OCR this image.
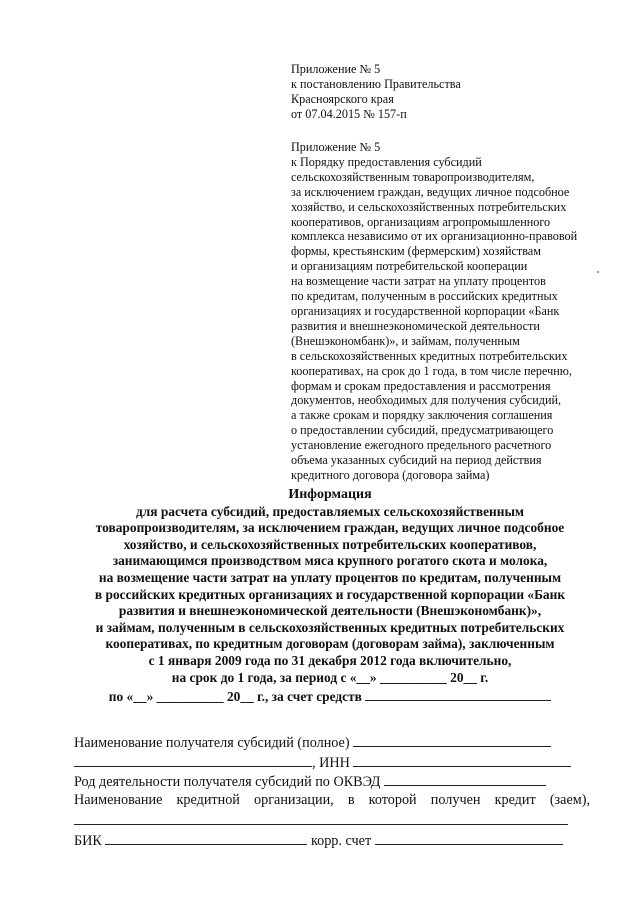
Приложение № 5
к постановлению Правительства
Красноярского края
от 07.04.2015 № 157-п
Приложение № 5
к Порядку предоставления субсидий
сельскохозяйственным товаропроизводителям,
за исключением граждан, ведущих личное подсобное
хозяйство, и сельскохозяйственных потребительских
кооперативов, организациям агропромышленного
комплекса независимо от их организационно-правовой
формы, крестьянским (фермерским) хозяйствам
и организациям потребительской кооперации
на возмещение части затрат на уплату процентов
по кредитам, полученным в российских кредитных
организациях и государственной корпорации «Банк
развития и внешнеэкономической деятельности
(Внешэкономбанк)», и займам, полученным
в сельскохозяйственных кредитных потребительских
кооперативах, на срок до 1 года, в том числе перечню,
формам и срокам предоставления и рассмотрения
документов, необходимых для получения субсидий,
а также срокам и порядку заключения соглашения
о предоставлении субсидий, предусматривающего
установление ежегодного предельного расчетного
объема указанных субсидий на период действия
кредитного договора (договора займа)
Информация
для расчета субсидий, предоставляемых сельскохозяйственным
товаропроизводителям, за исключением граждан, ведущих личное подсобное
хозяйство, и сельскохозяйственных потребительских кооперативов,
занимающимся производством мяса крупного рогатого скота и молока,
на возмещение части затрат на уплату процентов по кредитам, полученным
в российских кредитных организациях и государственной корпорации «Банк
развития и внешнеэкономической деятельности (Внешэкономбанк)»,
и займам, полученным в сельскохозяйственных кредитных потребительских
кооперативах, по кредитным договорам (договорам займа), заключенным
с 1 января 2009 года по 31 декабря 2012 года включительно,
на срок до 1 года, за период с «__» __________ 20__ г.
по «__» __________ 20__ г., за счет средств
Наименование получателя субсидий (полное)
, ИНН
Род деятельности получателя субсидий по ОКВЭД
Наименование кредитной организации, в которой получен кредит (заем),
БИК	корр. счет
